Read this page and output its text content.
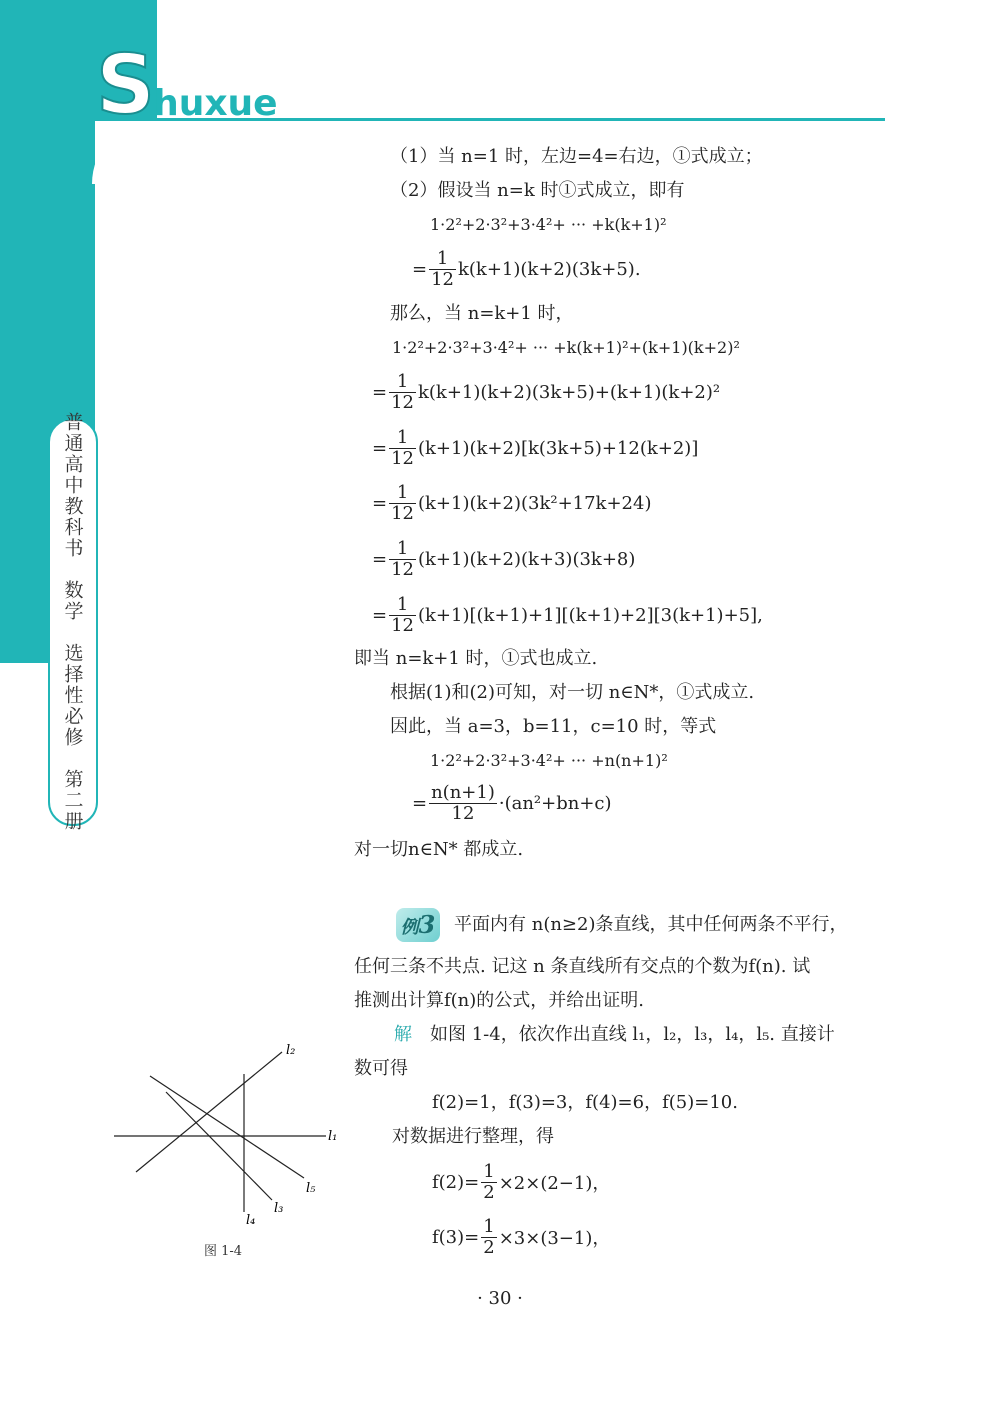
Shuxue
普通高中教科书　数学　选择性必修　第二册
（1）当 n=1 时，左边=4=右边，①式成立；
（2）假设当 n=k 时①式成立，即有
1·2²+2·3²+3·4²+ ··· +k(k+1)²
= $\frac{1}{12} k(k+1)(k+2)(3k+5)$.
那么，当 n=k+1 时，
1·2²+2·3²+3·4²+ ··· +k(k+1)²+(k+1)(k+2)²
= $\frac{1}{12} k(k+1)(k+2)(3k+5)+(k+1)(k+2)^2$
= $\frac{1}{12} (k+1)(k+2)[k(3k+5)+12(k+2)]$
= $\frac{1}{12} (k+1)(k+2)(3k^2+17k+24)$
= $\frac{1}{12} (k+1)(k+2)(k+3)(3k+8)$
= $\frac{1}{12} (k+1)[(k+1)+1][(k+1)+2][3(k+1)+5]$,
即当 n=k+1 时，①式也成立.
根据(1)和(2)可知，对一切 n∈N*，①式成立.
因此，当 a=3，b=11，c=10 时，等式
1·2²+2·3²+3·4²+ ··· +n(n+1)²
= $\frac{n(n+1)}{12} \cdot(an^2+bn+c)$
对一切n∈N* 都成立.
例3 平面内有 n(n≥2)条直线，其中任何两条不平行，
任何三条不共点. 记这 n 条直线所有交点的个数为f(n). 试
推测出计算f(n)的公式，并给出证明.
解 如图 1-4，依次作出直线 l₁，l₂，l₃，l₄，l₅. 直接计
数可得
f(2)=1，f(3)=3，f(4)=6，f(5)=10.
对数据进行整理，得
$f(2)= \frac{1}{2} \times 2\times(2-1)$，
$f(3)= \frac{1}{2} \times 3\times(3-1)$，
l₂
l₁
l₅
l₃
l₄
图 1-4
· 30 ·
